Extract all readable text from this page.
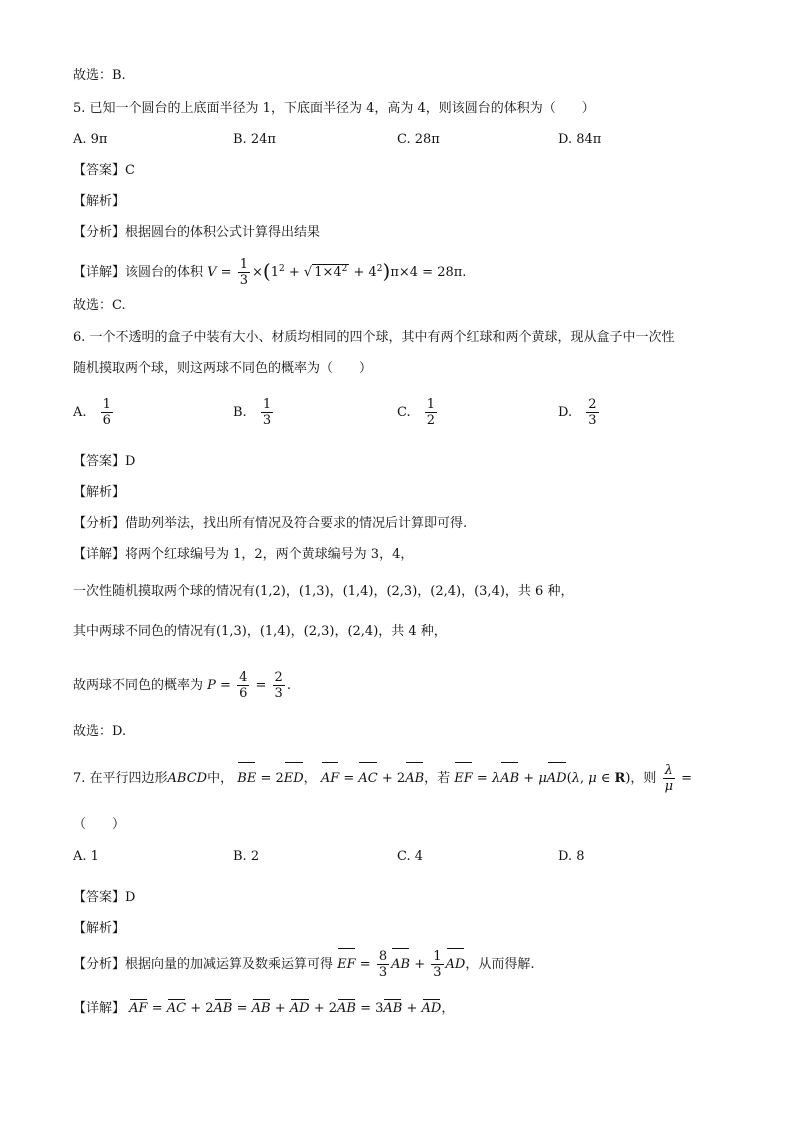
故选：B.
5. 已知一个圆台的上底面半径为 1，下底面半径为 4，高为 4，则该圆台的体积为（　　）
A. 9π	B. 24π	C. 28π	D. 84π
【答案】C
【解析】
【分析】根据圆台的体积公式计算得出结果
【详解】该圆台的体积 $V = \frac{1}{3} \times(1^2$ + √ $1\times 4^2 + 4^2)\pi\times 4 = 28\pi$.
故选：C.
6. 一个不透明的盒子中装有大小、材质均相同的四个球，其中有两个红球和两个黄球，现从盒子中一次性
随机摸取两个球，则这两球不同色的概率为（　　）
A. $\frac{1}{6}$	B. $\frac{1}{3}$	C. $\frac{1}{2}$	D. $\frac{2}{3}$
【答案】D
【解析】
【分析】借助列举法，找出所有情况及符合要求的情况后计算即可得.
【详解】将两个红球编号为 1，2，两个黄球编号为 3，4，
一次性随机摸取两个球的情况有(1,2)，(1,3)，(1,4)，(2,3)，(2,4)，(3,4)，共 6 种，
其中两球不同色的情况有(1,3)，(1,4)，(2,3)，(2,4)，共 4 种，
故两球不同色的概率为 $P = \frac{4}{6} = \frac{2}{3}$ .
故选：D.
7. 在平行四边形ABCD中， BE = 2ED， AF = AC + 2AB，若 EF = λAB + μAD(λ, μ ∈ R)，则 $\frac{\lambda}{\mu}$ =
（　　）
A. 1	B. 2	C. 4	D. 8
【答案】D
【解析】
【分析】根据向量的加减运算及数乘运算可得 EF = $\frac{8}{3}$ AB + $\frac{1}{3}$ AD，从而得解.
【详解】 AF = AC + 2AB = AB + AD + 2AB = 3AB + AD，
